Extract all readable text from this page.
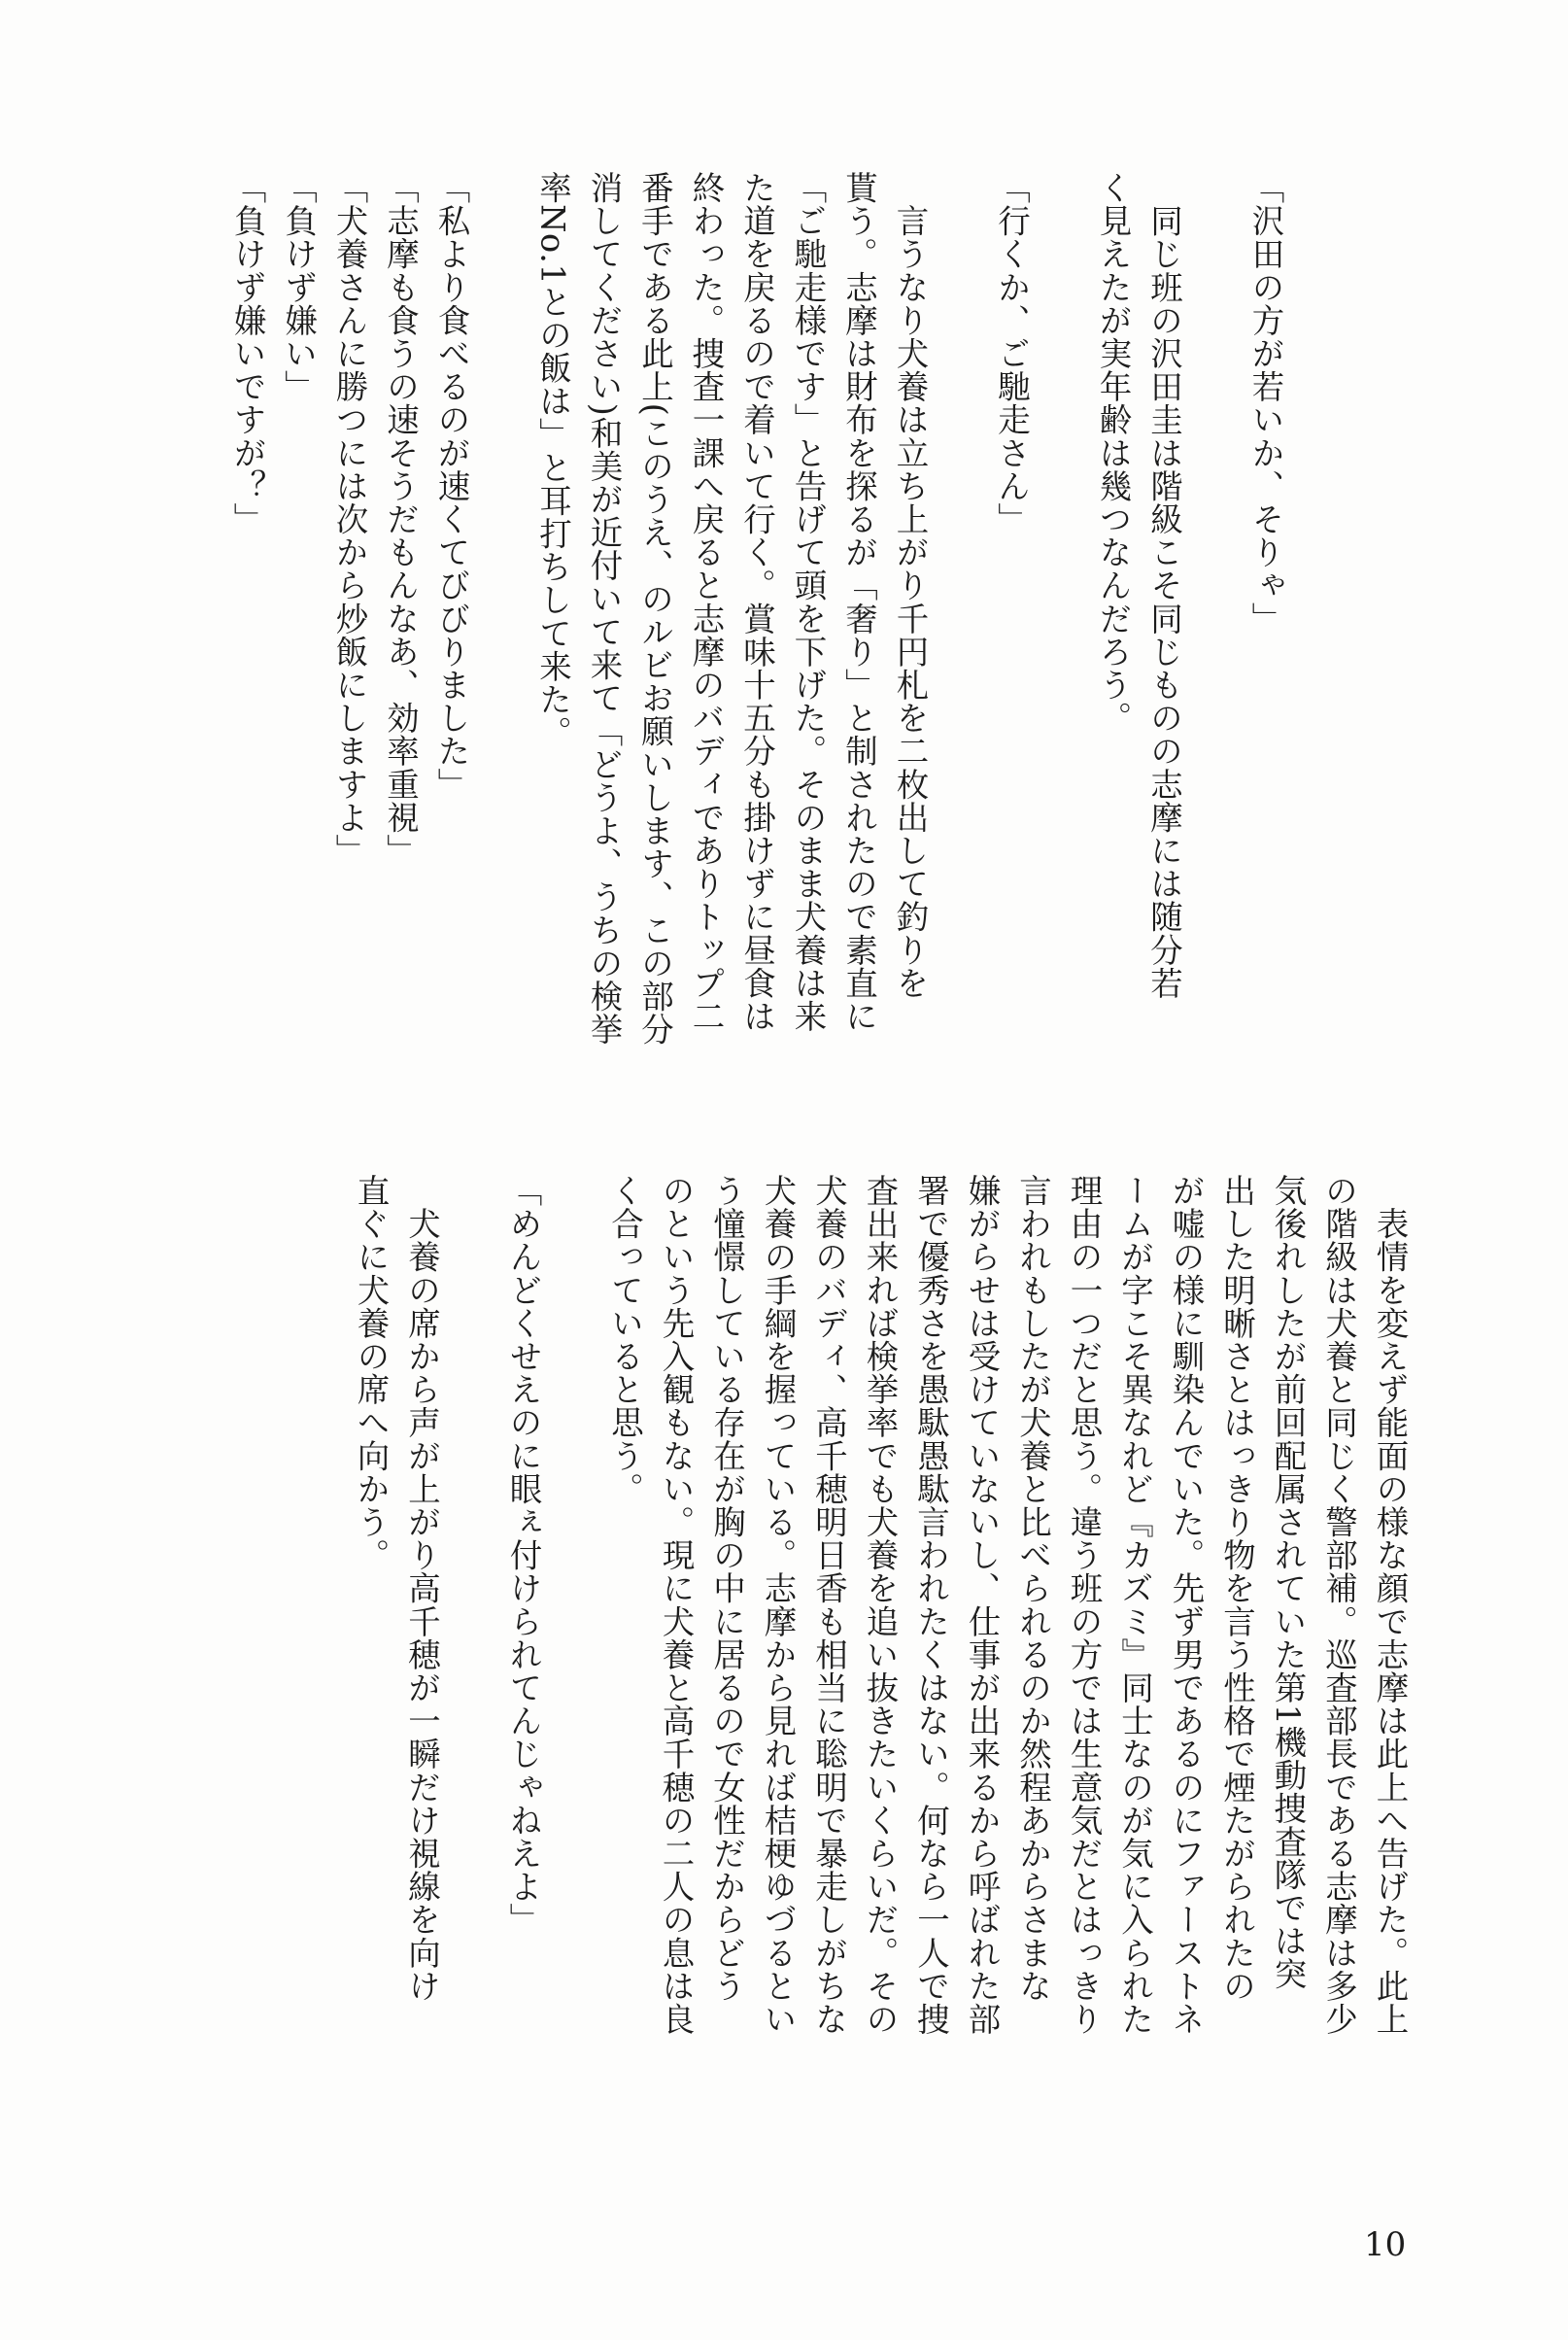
「沢田の方が若いか、そりゃ」
　同じ班の沢田圭は階級こそ同じものの志摩には随分若
く見えたが実年齢は幾つなんだろう。
「行くか、ご馳走さん」
　言うなり犬養は立ち上がり千円札を二枚出して釣りを
貰う。志摩は財布を探るが「奢り」と制されたので素直に
「ご馳走様です」と告げて頭を下げた。そのまま犬養は来
た道を戻るので着いて行く。賞味十五分も掛けずに昼食は
終わった。捜査一課へ戻ると志摩のバディでありトップ二
番手である此上(このうえ、のルビお願いします、この部分
消してください)和美が近付いて来て「どうよ、うちの検挙
率No.1との飯は」と耳打ちして来た。
「私より食べるのが速くてびびりました」
「志摩も食うの速そうだもんなあ、効率重視」
「犬養さんに勝つには次から炒飯にしますよ」
「負けず嫌い」
「負けず嫌いですが？」
　表情を変えず能面の様な顔で志摩は此上へ告げた。此上
の階級は犬養と同じく警部補。巡査部長である志摩は多少
気後れしたが前回配属されていた第1機動捜査隊では突
出した明晰さとはっきり物を言う性格で煙たがられたの
が嘘の様に馴染んでいた。先ず男であるのにファーストネ
ームが字こそ異なれど『カズミ』同士なのが気に入られた
理由の一つだと思う。違う班の方では生意気だとはっきり
言われもしたが犬養と比べられるのか然程あからさまな
嫌がらせは受けていないし、仕事が出来るから呼ばれた部
署で優秀さを愚駄愚駄言われたくはない。何なら一人で捜
査出来れば検挙率でも犬養を追い抜きたいくらいだ。その
犬養のバディ、高千穂明日香も相当に聡明で暴走しがちな
犬養の手綱を握っている。志摩から見れば桔梗ゆづるとい
う憧憬している存在が胸の中に居るので女性だからどう
のという先入観もない。現に犬養と高千穂の二人の息は良
く合っていると思う。
「めんどくせえのに眼ぇ付けられてんじゃねえよ」
　犬養の席から声が上がり高千穂が一瞬だけ視線を向け
直ぐに犬養の席へ向かう。
10
